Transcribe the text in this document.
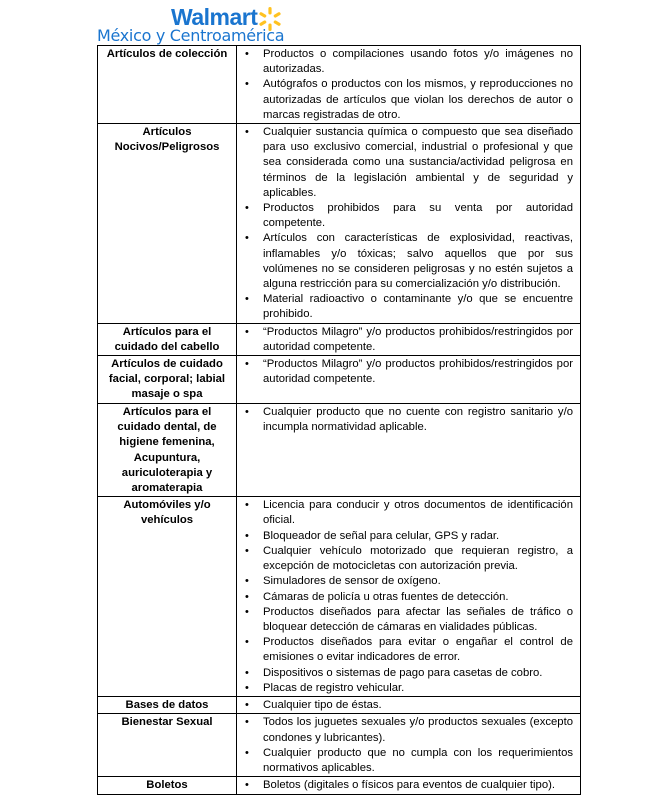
Walmart
México y Centroamérica
Artículos de colección	
•Productos o compilaciones usando fotos y/o imágenes no autorizadas.
• Autógrafos o productos con los mismos, y reproducciones no autorizadas de artículos que violan los derechos de autor o marcas registradas de otro.

Artículos Nocivos/Peligrosos	
• Cualquier sustancia química o compuesto que sea diseñado para uso exclusivo comercial, industrial o profesional y que sea considerada como una sustancia/actividad peligrosa en términos de la legislación ambiental y de seguridad y aplicables.
• Productos prohibidos para su venta por autoridad competente.
• Artículos con características de explosividad, reactivas, inflamables y/o tóxicas; salvo aquellos que por sus volúmenes no se consideren peligrosas y no estén sujetos a alguna restricción para su comercialización y/o distribución.
• Material radioactivo o contaminante y/o que se encuentre prohibido.

Artículos para el cuidado del cabello	
• “Productos Milagro” y/o productos prohibidos/restringidos por autoridad competente.

Artículos de cuidado facial, corporal; labial masaje o spa	
• “Productos Milagro” y/o productos prohibidos/restringidos por autoridad competente.

Artículos para el cuidado dental, de higiene femenina, Acupuntura, auriculoterapia y aromaterapia	
• Cualquier producto que no cuente con registro sanitario y/o incumpla normatividad aplicable.

Automóviles y/o vehículos	
• Licencia para conducir y otros documentos de identificación oficial.
• Bloqueador de señal para celular, GPS y radar.
• Cualquier vehículo motorizado que requieran registro, a excepción de motocicletas con autorización previa.
• Simuladores de sensor de oxígeno.
• Cámaras de policía u otras fuentes de detección.
• Productos diseñados para afectar las señales de tráfico o bloquear detección de cámaras en vialidades públicas.
• Productos diseñados para evitar o engañar el control de emisiones o evitar indicadores de error.
• Dispositivos o sistemas de pago para casetas de cobro.
• Placas de registro vehicular.

Bases de datos	
•Cualquier tipo de éstas.

Bienestar Sexual	
•Todos los juguetes sexuales y/o productos sexuales (excepto condones y lubricantes).
• Cualquier producto que no cumpla con los requerimientos normativos aplicables.

Boletos	
•Boletos (digitales o físicos para eventos de cualquier tipo).
